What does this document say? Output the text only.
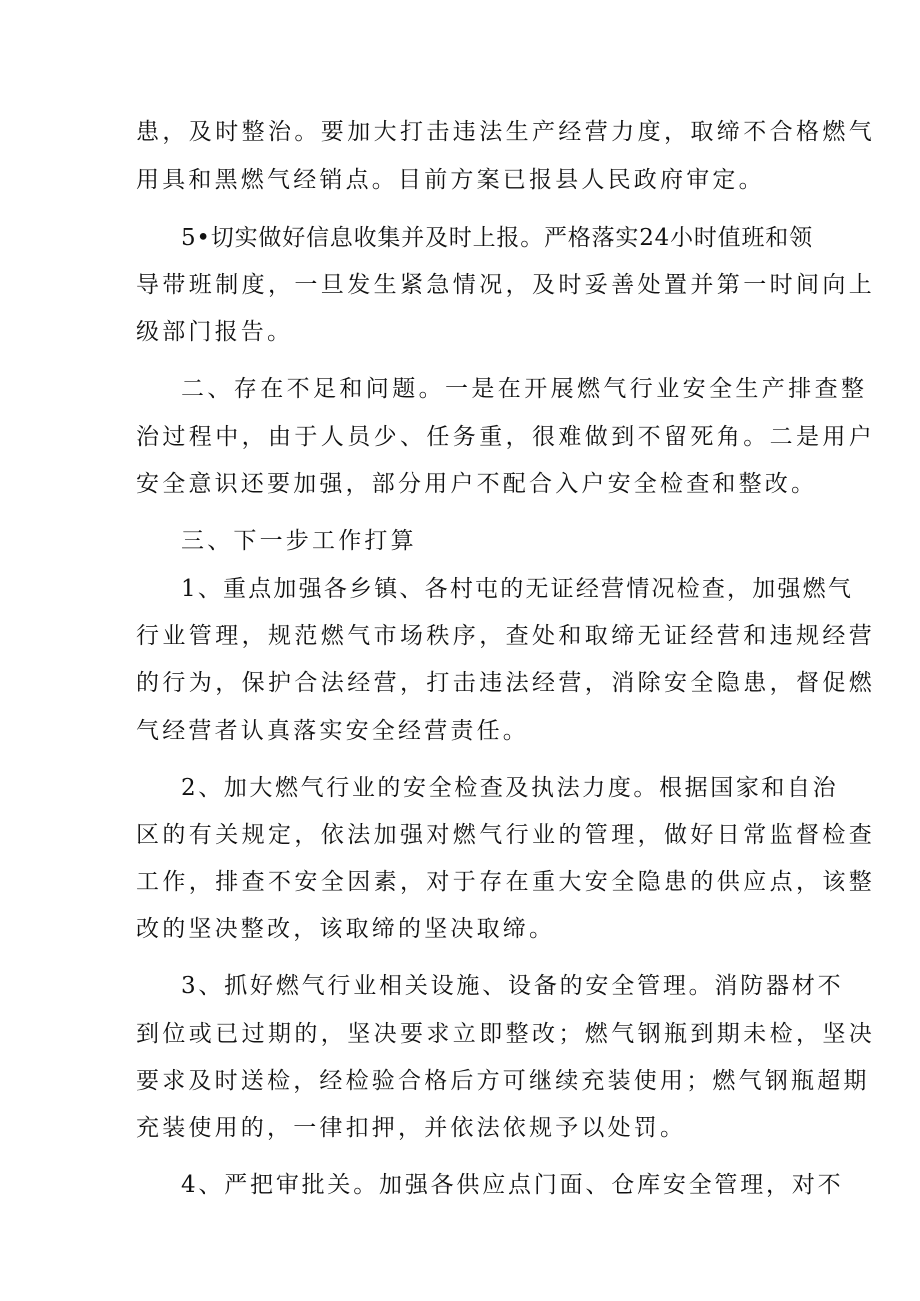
患，及时整治。要加大打击违法生产经营力度，取缔不合格燃气
用具和黑燃气经销点。目前方案已报县人民政府审定。
5•切实做好信息收集并及时上报。严格落实24小时值班和领
导带班制度，一旦发生紧急情况，及时妥善处置并第一时间向上
级部门报告。
二、存在不足和问题。一是在开展燃气行业安全生产排查整
治过程中，由于人员少、任务重，很难做到不留死角。二是用户
安全意识还要加强，部分用户不配合入户安全检查和整改。
三、下一步工作打算
1、重点加强各乡镇、各村屯的无证经营情况检查，加强燃气
行业管理，规范燃气市场秩序，查处和取缔无证经营和违规经营
的行为，保护合法经营，打击违法经营，消除安全隐患，督促燃
气经营者认真落实安全经营责任。
2、加大燃气行业的安全检查及执法力度。根据国家和自治
区的有关规定，依法加强对燃气行业的管理，做好日常监督检查
工作，排查不安全因素，对于存在重大安全隐患的供应点，该整
改的坚决整改，该取缔的坚决取缔。
3、抓好燃气行业相关设施、设备的安全管理。消防器材不
到位或已过期的，坚决要求立即整改；燃气钢瓶到期未检，坚决
要求及时送检，经检验合格后方可继续充装使用；燃气钢瓶超期
充装使用的，一律扣押，并依法依规予以处罚。
4、严把审批关。加强各供应点门面、仓库安全管理，对不
